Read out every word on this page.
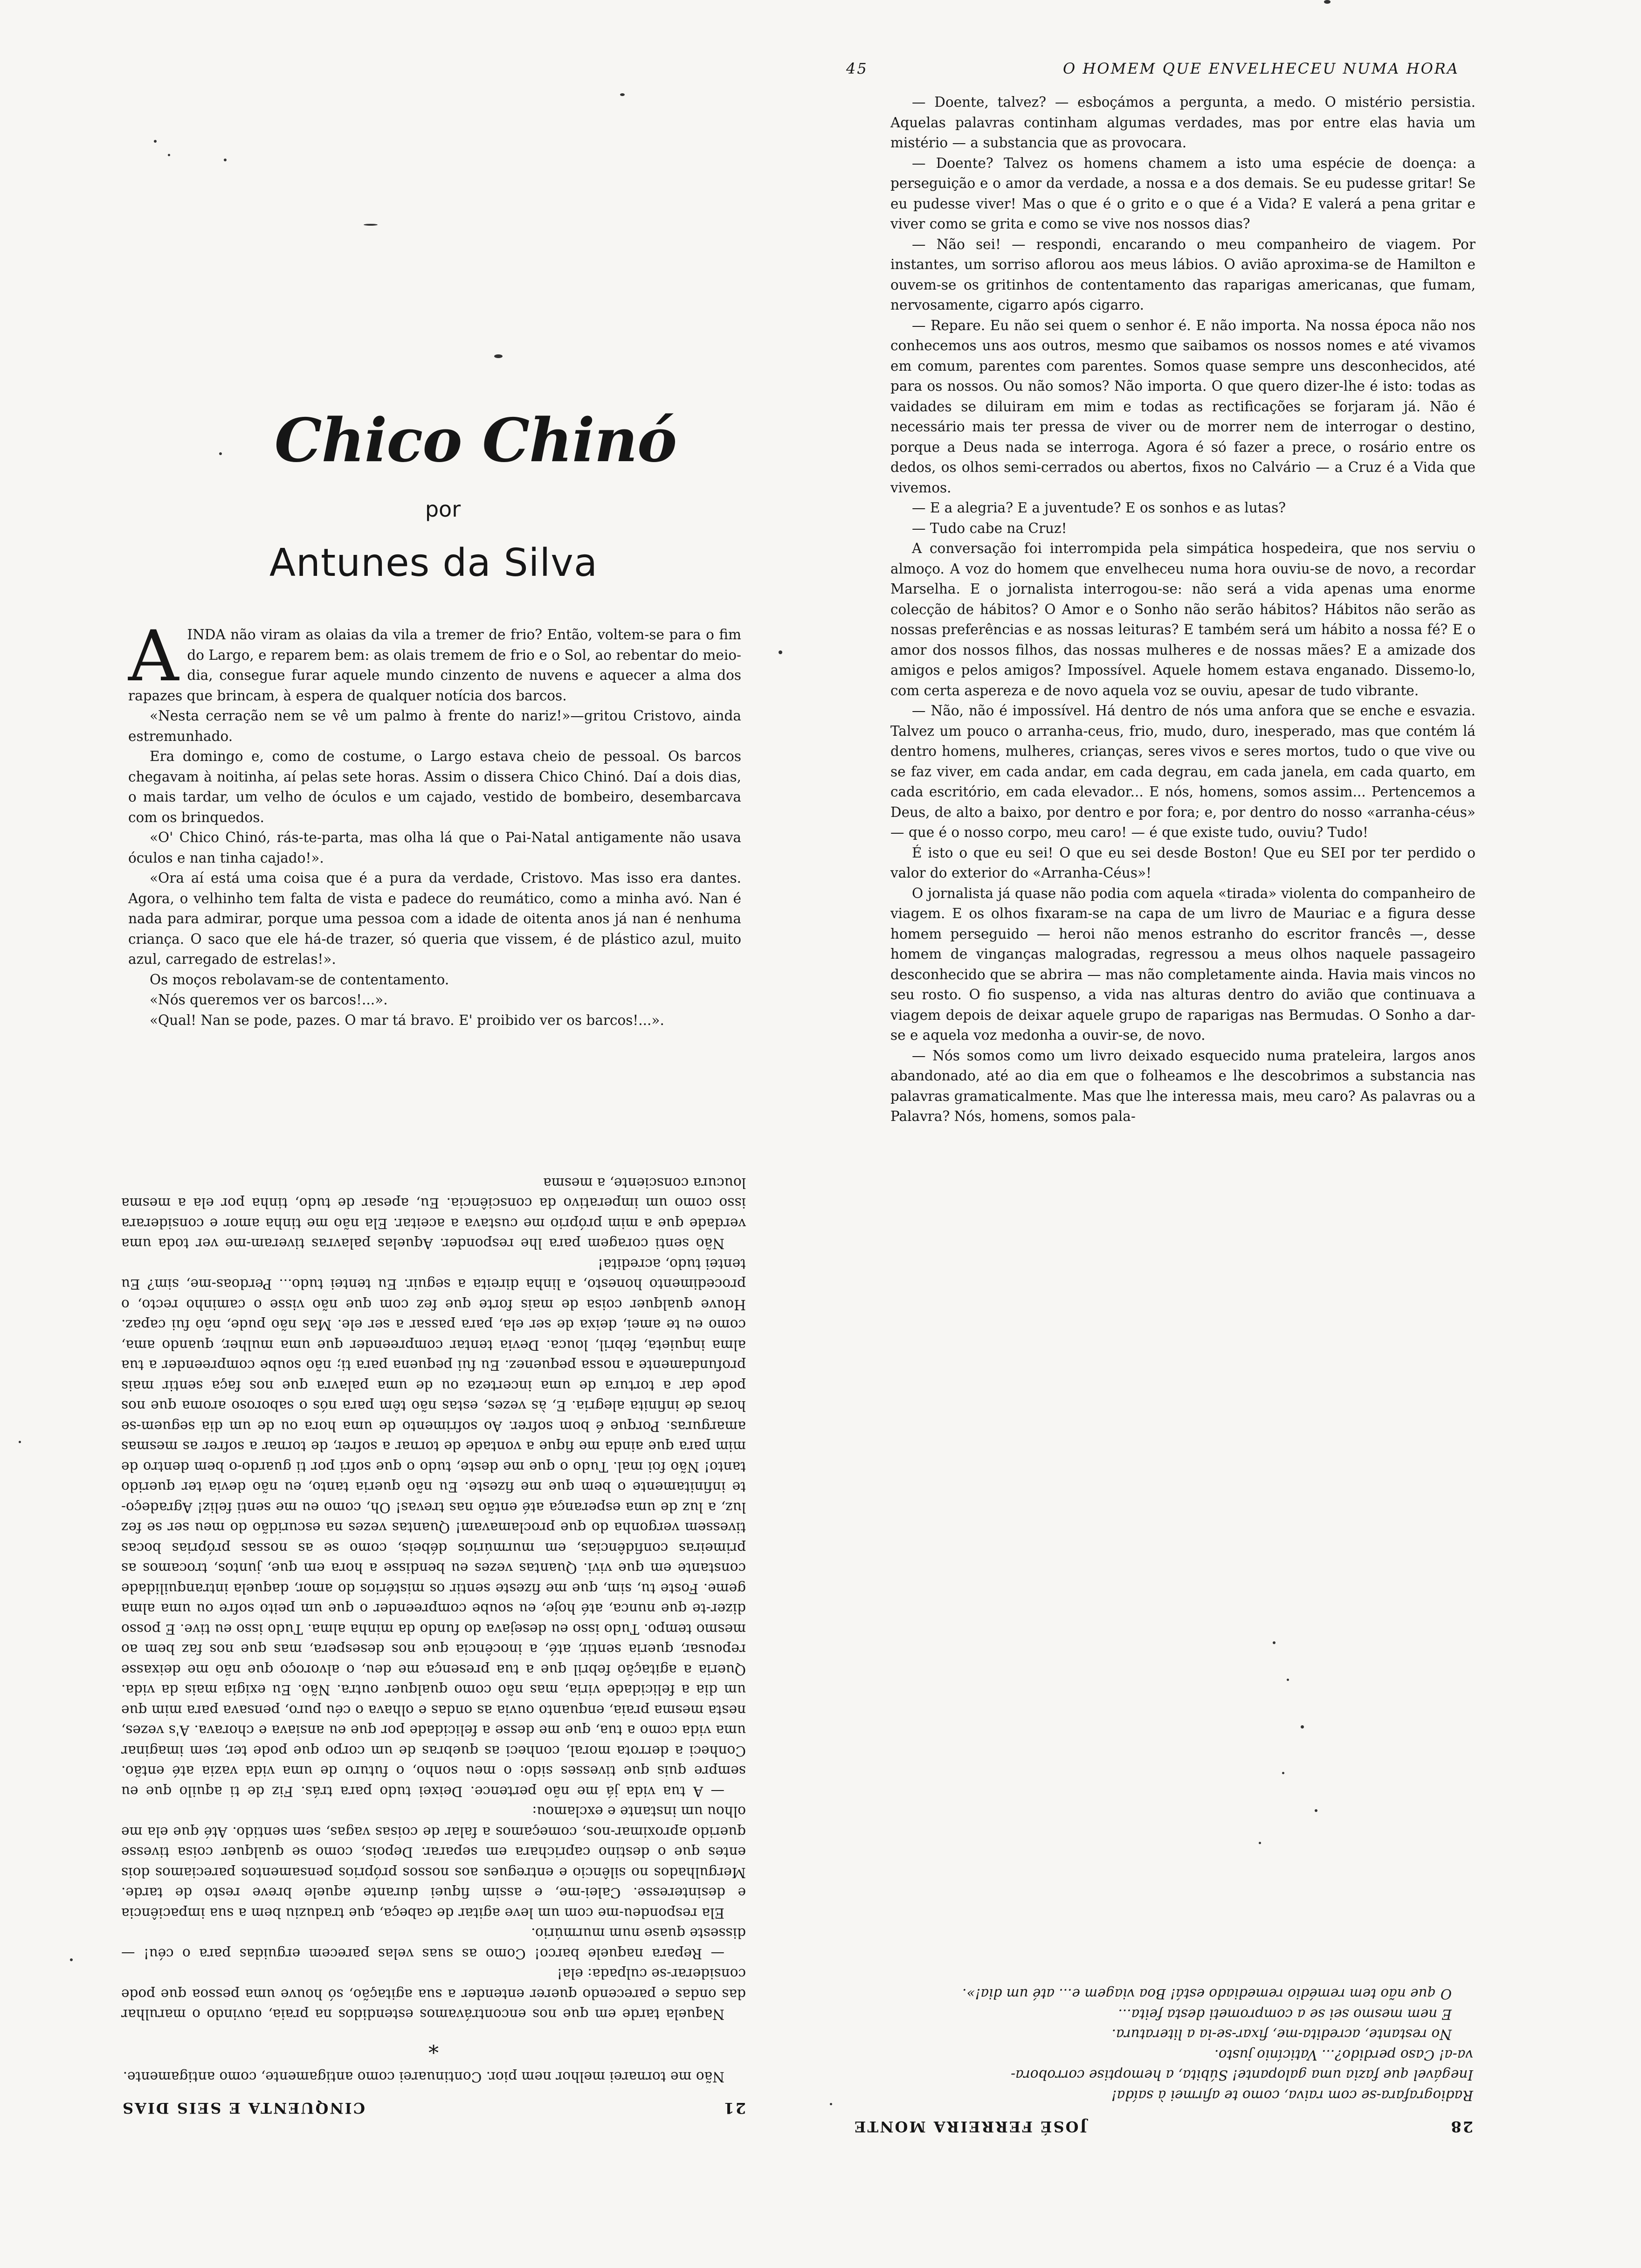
Chico Chinó
por
Antunes da Silva

AINDA não viram as olaias da vila a tremer de frio? Então, voltem-se para o fim do Largo, e reparem bem: as olais tremem de frio e o Sol, ao rebentar do meio-dia, consegue furar aquele mundo cinzento de nuvens e aquecer a alma dos rapazes que brincam, à espera de qualquer notícia dos barcos.

«Nesta cerração nem se vê um palmo à frente do nariz!»—gritou Cristovo, ainda estremunhado.

Era domingo e, como de costume, o Largo estava cheio de pessoal. Os barcos chegavam à noitinha, aí pelas sete horas. Assim o dissera Chico Chinó. Daí a dois dias, o mais tardar, um velho de óculos e um cajado, vestido de bombeiro, desembarcava com os brinquedos.

«O' Chico Chinó, rás-te-parta, mas olha lá que o Pai-Natal antigamente não usava óculos e nan tinha cajado!».

«Ora aí está uma coisa que é a pura da verdade, Cristovo. Mas isso era dantes. Agora, o velhinho tem falta de vista e padece do reumático, como a minha avó. Nan é nada para admirar, porque uma pessoa com a idade de oitenta anos já nan é nenhuma criança. O saco que ele há-de trazer, só queria que vissem, é de plástico azul, muito azul, carregado de estrelas!».

Os moços rebolavam-se de contentamento.

«Nós queremos ver os barcos!...».

«Qual! Nan se pode, pazes. O mar tá bravo. E' proibido ver os barcos!...».

45	O HOMEM QUE ENVELHECEU NUMA HORA

— Doente, talvez? — esboçámos a pergunta, a medo. O mistério persistia. Aquelas palavras continham algumas verdades, mas por entre elas havia um mistério — a substancia que as provocara.

— Doente? Talvez os homens chamem a isto uma espécie de doença: a perseguição e o amor da verdade, a nossa e a dos demais. Se eu pudesse gritar! Se eu pudesse viver! Mas o que é o grito e o que é a Vida? E valerá a pena gritar e viver como se grita e como se vive nos nossos dias?

— Não sei! — respondi, encarando o meu companheiro de viagem. Por instantes, um sorriso aflorou aos meus lábios. O avião aproxima-se de Hamilton e ouvem-se os gritinhos de contentamento das raparigas americanas, que fumam, nervosamente, cigarro após cigarro.

— Repare. Eu não sei quem o senhor é. E não importa. Na nossa época não nos conhecemos uns aos outros, mesmo que saibamos os nossos nomes e até vivamos em comum, parentes com parentes. Somos quase sempre uns desconhecidos, até para os nossos. Ou não somos? Não importa. O que quero dizer-lhe é isto: todas as vaidades se diluiram em mim e todas as rectificações se forjaram já. Não é necessário mais ter pressa de viver ou de morrer nem de interrogar o destino, porque a Deus nada se interroga. Agora é só fazer a prece, o rosário entre os dedos, os olhos semi-cerrados ou abertos, fixos no Calvário — a Cruz é a Vida que vivemos.

— E a alegria? E a juventude? E os sonhos e as lutas?

— Tudo cabe na Cruz!

A conversação foi interrompida pela simpática hospedeira, que nos serviu o almoço. A voz do homem que envelheceu numa hora ouviu-se de novo, a recordar Marselha. E o jornalista interrogou-se: não será a vida apenas uma enorme colecção de hábitos? O Amor e o Sonho não serão hábitos? Hábitos não serão as nossas preferências e as nossas leituras? E também será um hábito a nossa fé? E o amor dos nossos filhos, das nossas mulheres e de nossas mães? E a amizade dos amigos e pelos amigos? Impossível. Aquele homem estava enganado. Dissemo-lo, com certa aspereza e de novo aquela voz se ouviu, apesar de tudo vibrante.

— Não, não é impossível. Há dentro de nós uma anfora que se enche e esvazia. Talvez um pouco o arranha-ceus, frio, mudo, duro, inesperado, mas que contém lá dentro homens, mulheres, crianças, seres vivos e seres mortos, tudo o que vive ou se faz viver, em cada andar, em cada degrau, em cada janela, em cada quarto, em cada escritório, em cada elevador... E nós, homens, somos assim... Pertencemos a Deus, de alto a baixo, por dentro e por fora; e, por dentro do nosso «arranha-céus» — que é o nosso corpo, meu caro! — é que existe tudo, ouviu? Tudo!

É isto o que eu sei! O que eu sei desde Boston! Que eu SEI por ter perdido o valor do exterior do «Arranha-Céus»!

O jornalista já quase não podia com aquela «tirada» violenta do companheiro de viagem. E os olhos fixaram-se na capa de um livro de Mauriac e a figura desse homem perseguido — heroi não menos estranho do escritor francês —, desse homem de vinganças malogradas, regressou a meus olhos naquele passageiro desconhecido que se abrira — mas não completamente ainda. Havia mais vincos no seu rosto. O fio suspenso, a vida nas alturas dentro do avião que continuava a viagem depois de deixar aquele grupo de raparigas nas Bermudas. O Sonho a dar-se e aquela voz medonha a ouvir-se, de novo.

— Nós somos como um livro deixado esquecido numa prateleira, largos anos abandonado, até ao dia em que o folheamos e lhe descobrimos a substancia nas palavras gramaticalmente. Mas que lhe interessa mais, meu caro? As palavras ou a Palavra? Nós, homens, somos pala-

21
CINQUENTA E SEIS DIAS

Não me tornarei melhor nem pior. Continuarei como antigamente, como antigamente.

*

Naquela tarde em que nos encontrávamos estendidos na praia, ouvindo o marulhar das ondas e parecendo querer entender a sua agitação, só houve uma pessoa que pode considerar-se culpada: ela!

— Repara naquele barco! Como as suas velas parecem erguidas para o céu! — disseste quase num murmúrio.

Ela respondeu-me com um leve agitar de cabeça, que traduziu bem a sua impaciência e desinteresse. Calei-me, e assim fiquei durante aquele breve resto de tarde. Mergulhados no silêncio e entregues aos nossos próprios pensamentos pareciamos dois entes que o destino caprichara em separar. Depois, como se qualquer coisa tivesse querido aproximar-nos, começamos a falar de coisas vagas, sem sentido. Até que ela me olhou um instante e exclamou:

— A tua vida já me não pertence. Deixei tudo para trás. Fiz de ti aquilo que eu sempre quis que tivesses sido: o meu sonho, o futuro de uma vida vazia até então. Conheci a derrota moral, conheci as quebras de um corpo que pode ter, sem imaginar uma vida como a tua, que me desse a felicidade por que eu ansiava e chorava. A's vezes, nesta mesma praia, enquanto ouvia as ondas e olhava o céu puro, pensava para mim que um dia a felicidade viria, mas não como qualquer outra. Não. Eu exigia mais da vida. Queria a agitação febril que a tua presença me deu, o alvoroço que não me deixasse repousar, queria sentir, até, a inocência que nos desespera, mas que nos faz bem ao mesmo tempo. Tudo isso eu desejava do fundo da minha alma. Tudo isso eu tive. E posso dizer-te que nunca, até hoje, eu soube compreender o que um peito sofre ou uma alma geme. Foste tu, sim, que me fizeste sentir os mistérios do amor, daquela intranquilidade constante em que vivi. Quantas vezes eu bendisse a hora em que, juntos, trocamos as primeiras confidências, em murmúrios débeis, como se as nossas próprias bocas tivessem vergonha do que proclamavam! Quantas vezes na escuridão do meu ser se fez luz, a luz de uma esperança até então nas trevas! Oh, como eu me senti feliz! Agradeço-te infinitamente o bem que me fizeste. Eu não queria tanto, eu não devia ter querido tanto! Não foi mal. Tudo o que me deste, tudo o que sofri por ti guardo-o bem dentro de mim para que ainda me fique a vontade de tornar a sofrer, de tornar a sofrer as mesmas amarguras. Porque é bom sofrer. Ao sofrimento de uma hora ou de um dia seguem-se horas de infinita alegria. E, às vezes, estas não têm para nós o saboroso aroma que nos pode dar a tortura de uma incerteza ou de uma palavra que nos faça sentir mais profundamente a nossa pequenez. Eu fui pequena para ti; não soube compreender a tua alma inquieta, febril, louca. Devia tentar compreender que uma mulher, quando ama, como eu te amei, deixa de ser ela, para passar a ser ele. Mas não pude, não fui capaz. Houve qualquer coisa de mais forte que fez com que não visse o caminho recto, o procedimento honesto, a linha direita a seguir. Eu tentei tudo... Perdoas-me, sim? Eu tentei tudo, acredita!

Não senti coragem para lhe responder. Aquelas palavras tiveram-me ver toda uma verdade que a mim próprio me custava a aceitar. Ela não me tinha amor e considerara isso como um imperativo da consciência. Eu, apesar de tudo, tinha por ela a mesma loucura consciente, a mesma

28
JOSÉ FERREIRA MONTE

Radiografara-se com raiva, como te afirmei à saída!

Inegável que fazia uma galopante! Súbita, a hemoptise corrobora-

va-a! Caso perdido?... Vaticínio justo.

No restante, acredita-me, fixar-se-ia a literatura.

E nem mesmo sei se a comprometi desta feita...

O que não tem remédio remediado está! Boa viagem e... até um dia!».
